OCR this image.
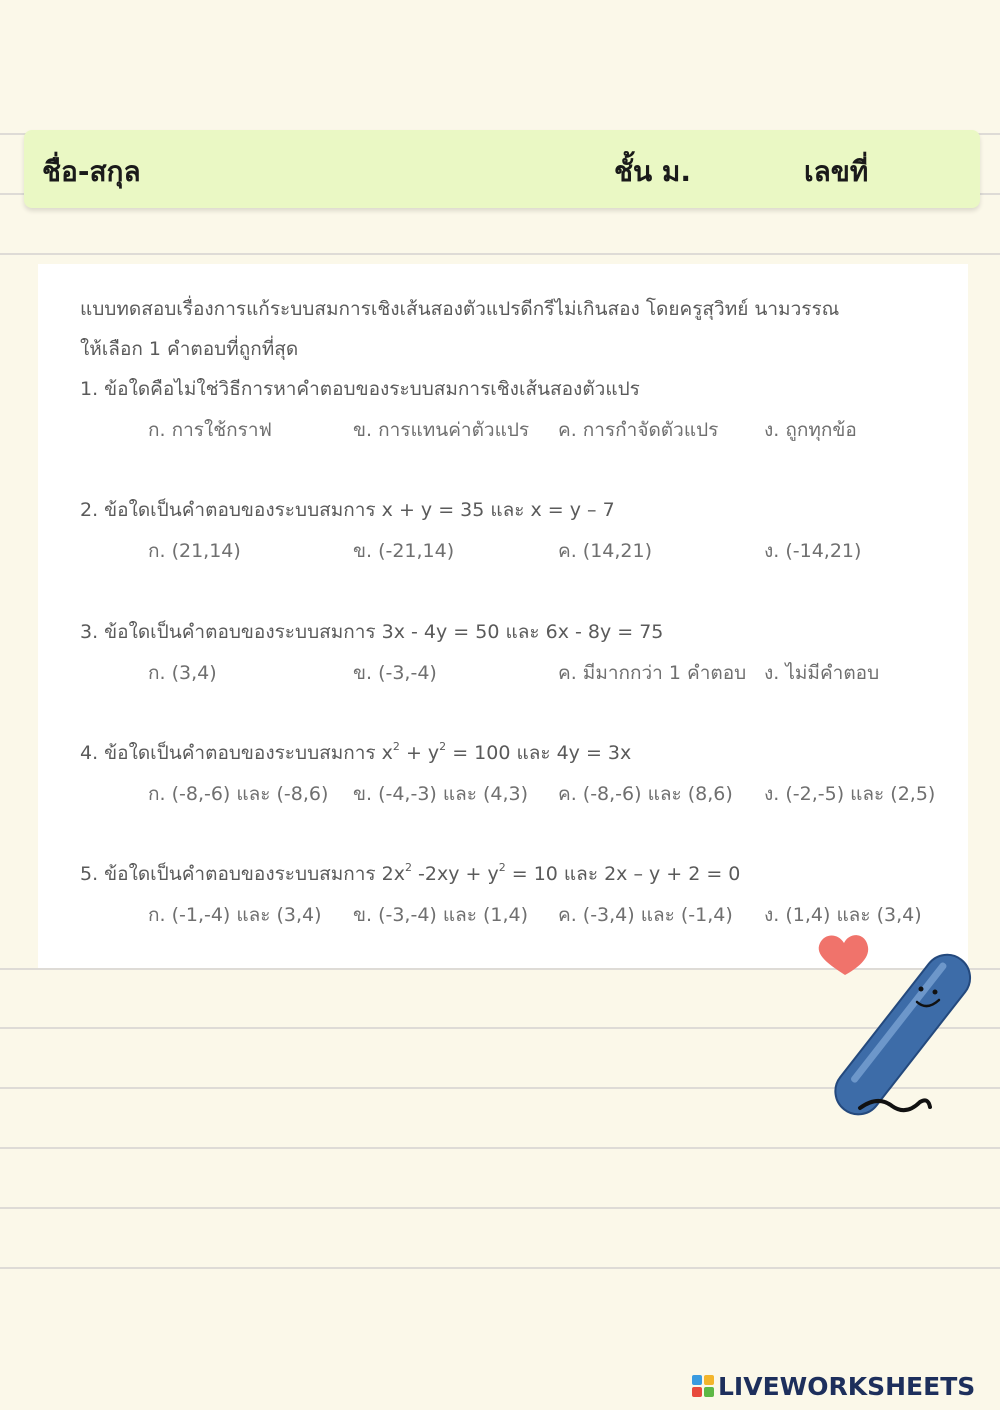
ชื่อ-สกุล	ชั้น ม.	เลขที่
แบบทดสอบเรื่องการแก้ระบบสมการเชิงเส้นสองตัวแปรดีกรีไม่เกินสอง โดยครูสุวิทย์ นามวรรณ
ให้เลือก 1 คำตอบที่ถูกที่สุด
1. ข้อใดคือไม่ใช่วิธีการหาคำตอบของระบบสมการเชิงเส้นสองตัวแปร
ก. การใช้กราฟ	ข. การแทนค่าตัวแปร ค. การกำจัดตัวแปร ง. ถูกทุกข้อ
2. ข้อใดเป็นคำตอบของระบบสมการ x + y = 35 และ x = y – 7
ก. (21,14)	ข. (-21,14)	ค. (14,21)	ง. (-14,21)
3. ข้อใดเป็นคำตอบของระบบสมการ 3x - 4y = 50 และ 6x - 8y = 75
ก. (3,4)	ข. (-3,-4)	ค. มีมากกว่า 1 คำตอบ ง. ไม่มีคำตอบ
4. ข้อใดเป็นคำตอบของระบบสมการ $x^2 + y^2 = 100$ และ 4y = 3x
ก. (-8,-6) และ (-8,6) ข. (-4,-3) และ (4,3) ค. (-8,-6) และ (8,6) ง. (-2,-5) และ (2,5)
5. ข้อใดเป็นคำตอบของระบบสมการ $2x^2$ $-2xy + y^2 = 10$ และ 2x – y + 2 = 0
ก. (-1,-4) และ (3,4) ข. (-3,-4) และ (1,4) ค. (-3,4) และ (-1,4) ง. (1,4) และ (3,4)
LIVEWORKSHEETS
